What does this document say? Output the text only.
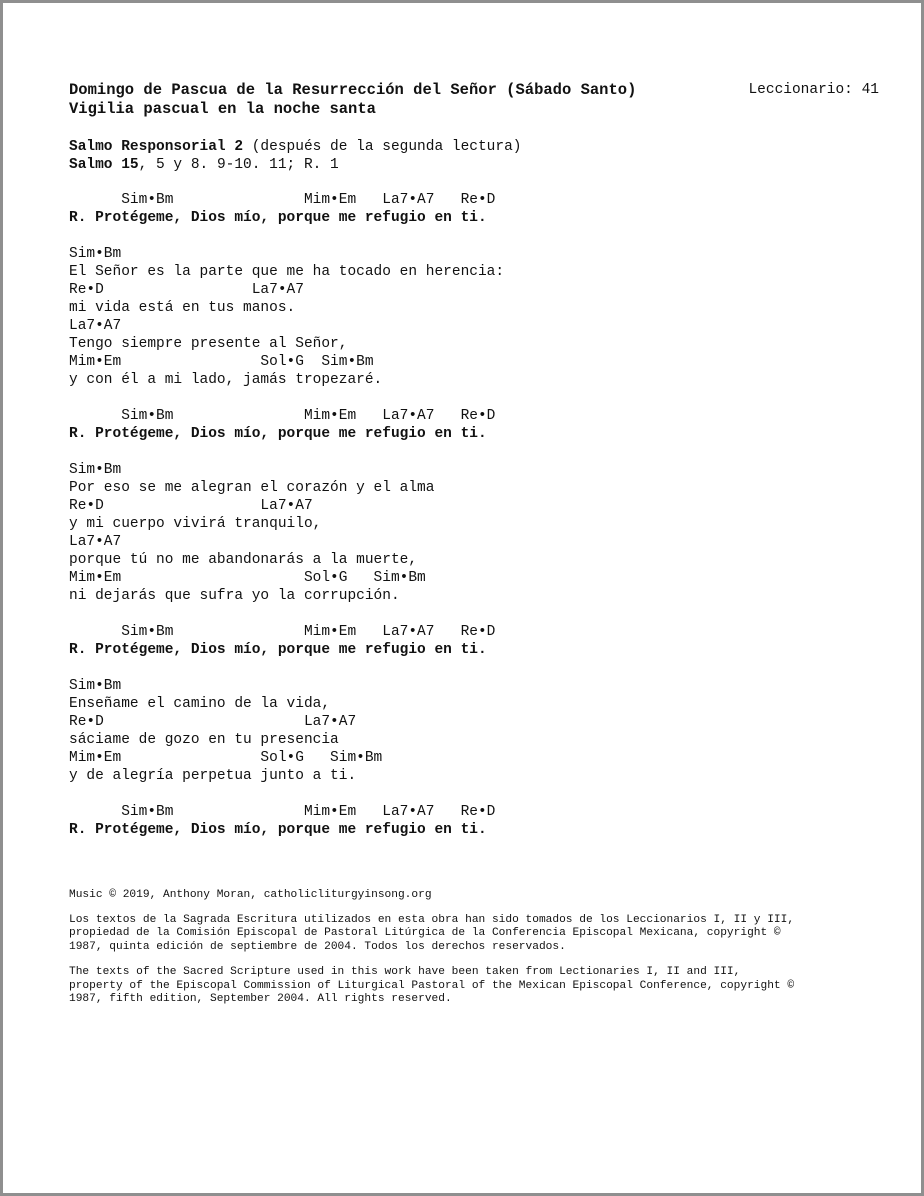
Domingo de Pascua de la Resurrección del Señor (Sábado Santo)	Leccionario: 41
Vigilia pascual en la noche santa
Salmo Responsorial 2 (después de la segunda lectura)
Salmo 15, 5 y 8. 9-10. 11; R. 1
Sim•Bm               Mim•Em   La7•A7   Re•D
R. Protégeme, Dios mío, porque me refugio en ti.
Sim•Bm
El Señor es la parte que me ha tocado en herencia:
Re•D                 La7•A7
mi vida está en tus manos.
La7•A7
Tengo siempre presente al Señor,
Mim•Em                Sol•G  Sim•Bm
y con él a mi lado, jamás tropezaré.
Sim•Bm               Mim•Em   La7•A7   Re•D
R. Protégeme, Dios mío, porque me refugio en ti.
Sim•Bm
Por eso se me alegran el corazón y el alma
Re•D                  La7•A7
y mi cuerpo vivirá tranquilo,
La7•A7
porque tú no me abandonarás a la muerte,
Mim•Em                     Sol•G   Sim•Bm
ni dejarás que sufra yo la corrupción.
Sim•Bm               Mim•Em   La7•A7   Re•D
R. Protégeme, Dios mío, porque me refugio en ti.
Sim•Bm
Enseñame el camino de la vida,
Re•D                       La7•A7
sáciame de gozo en tu presencia
Mim•Em                Sol•G   Sim•Bm
y de alegría perpetua junto a ti.
Sim•Bm               Mim•Em   La7•A7   Re•D
R. Protégeme, Dios mío, porque me refugio en ti.

Music © 2019, Anthony Moran, catholicliturgyinsong.org

Los textos de la Sagrada Escritura utilizados en esta obra han sido tomados de los Leccionarios I, II y III,
propiedad de la Comisión Episcopal de Pastoral Litúrgica de la Conferencia Episcopal Mexicana, copyright ©
1987, quinta edición de septiembre de 2004. Todos los derechos reservados.

The texts of the Sacred Scripture used in this work have been taken from Lectionaries I, II and III,
property of the Episcopal Commission of Liturgical Pastoral of the Mexican Episcopal Conference, copyright ©
1987, fifth edition, September 2004. All rights reserved.
